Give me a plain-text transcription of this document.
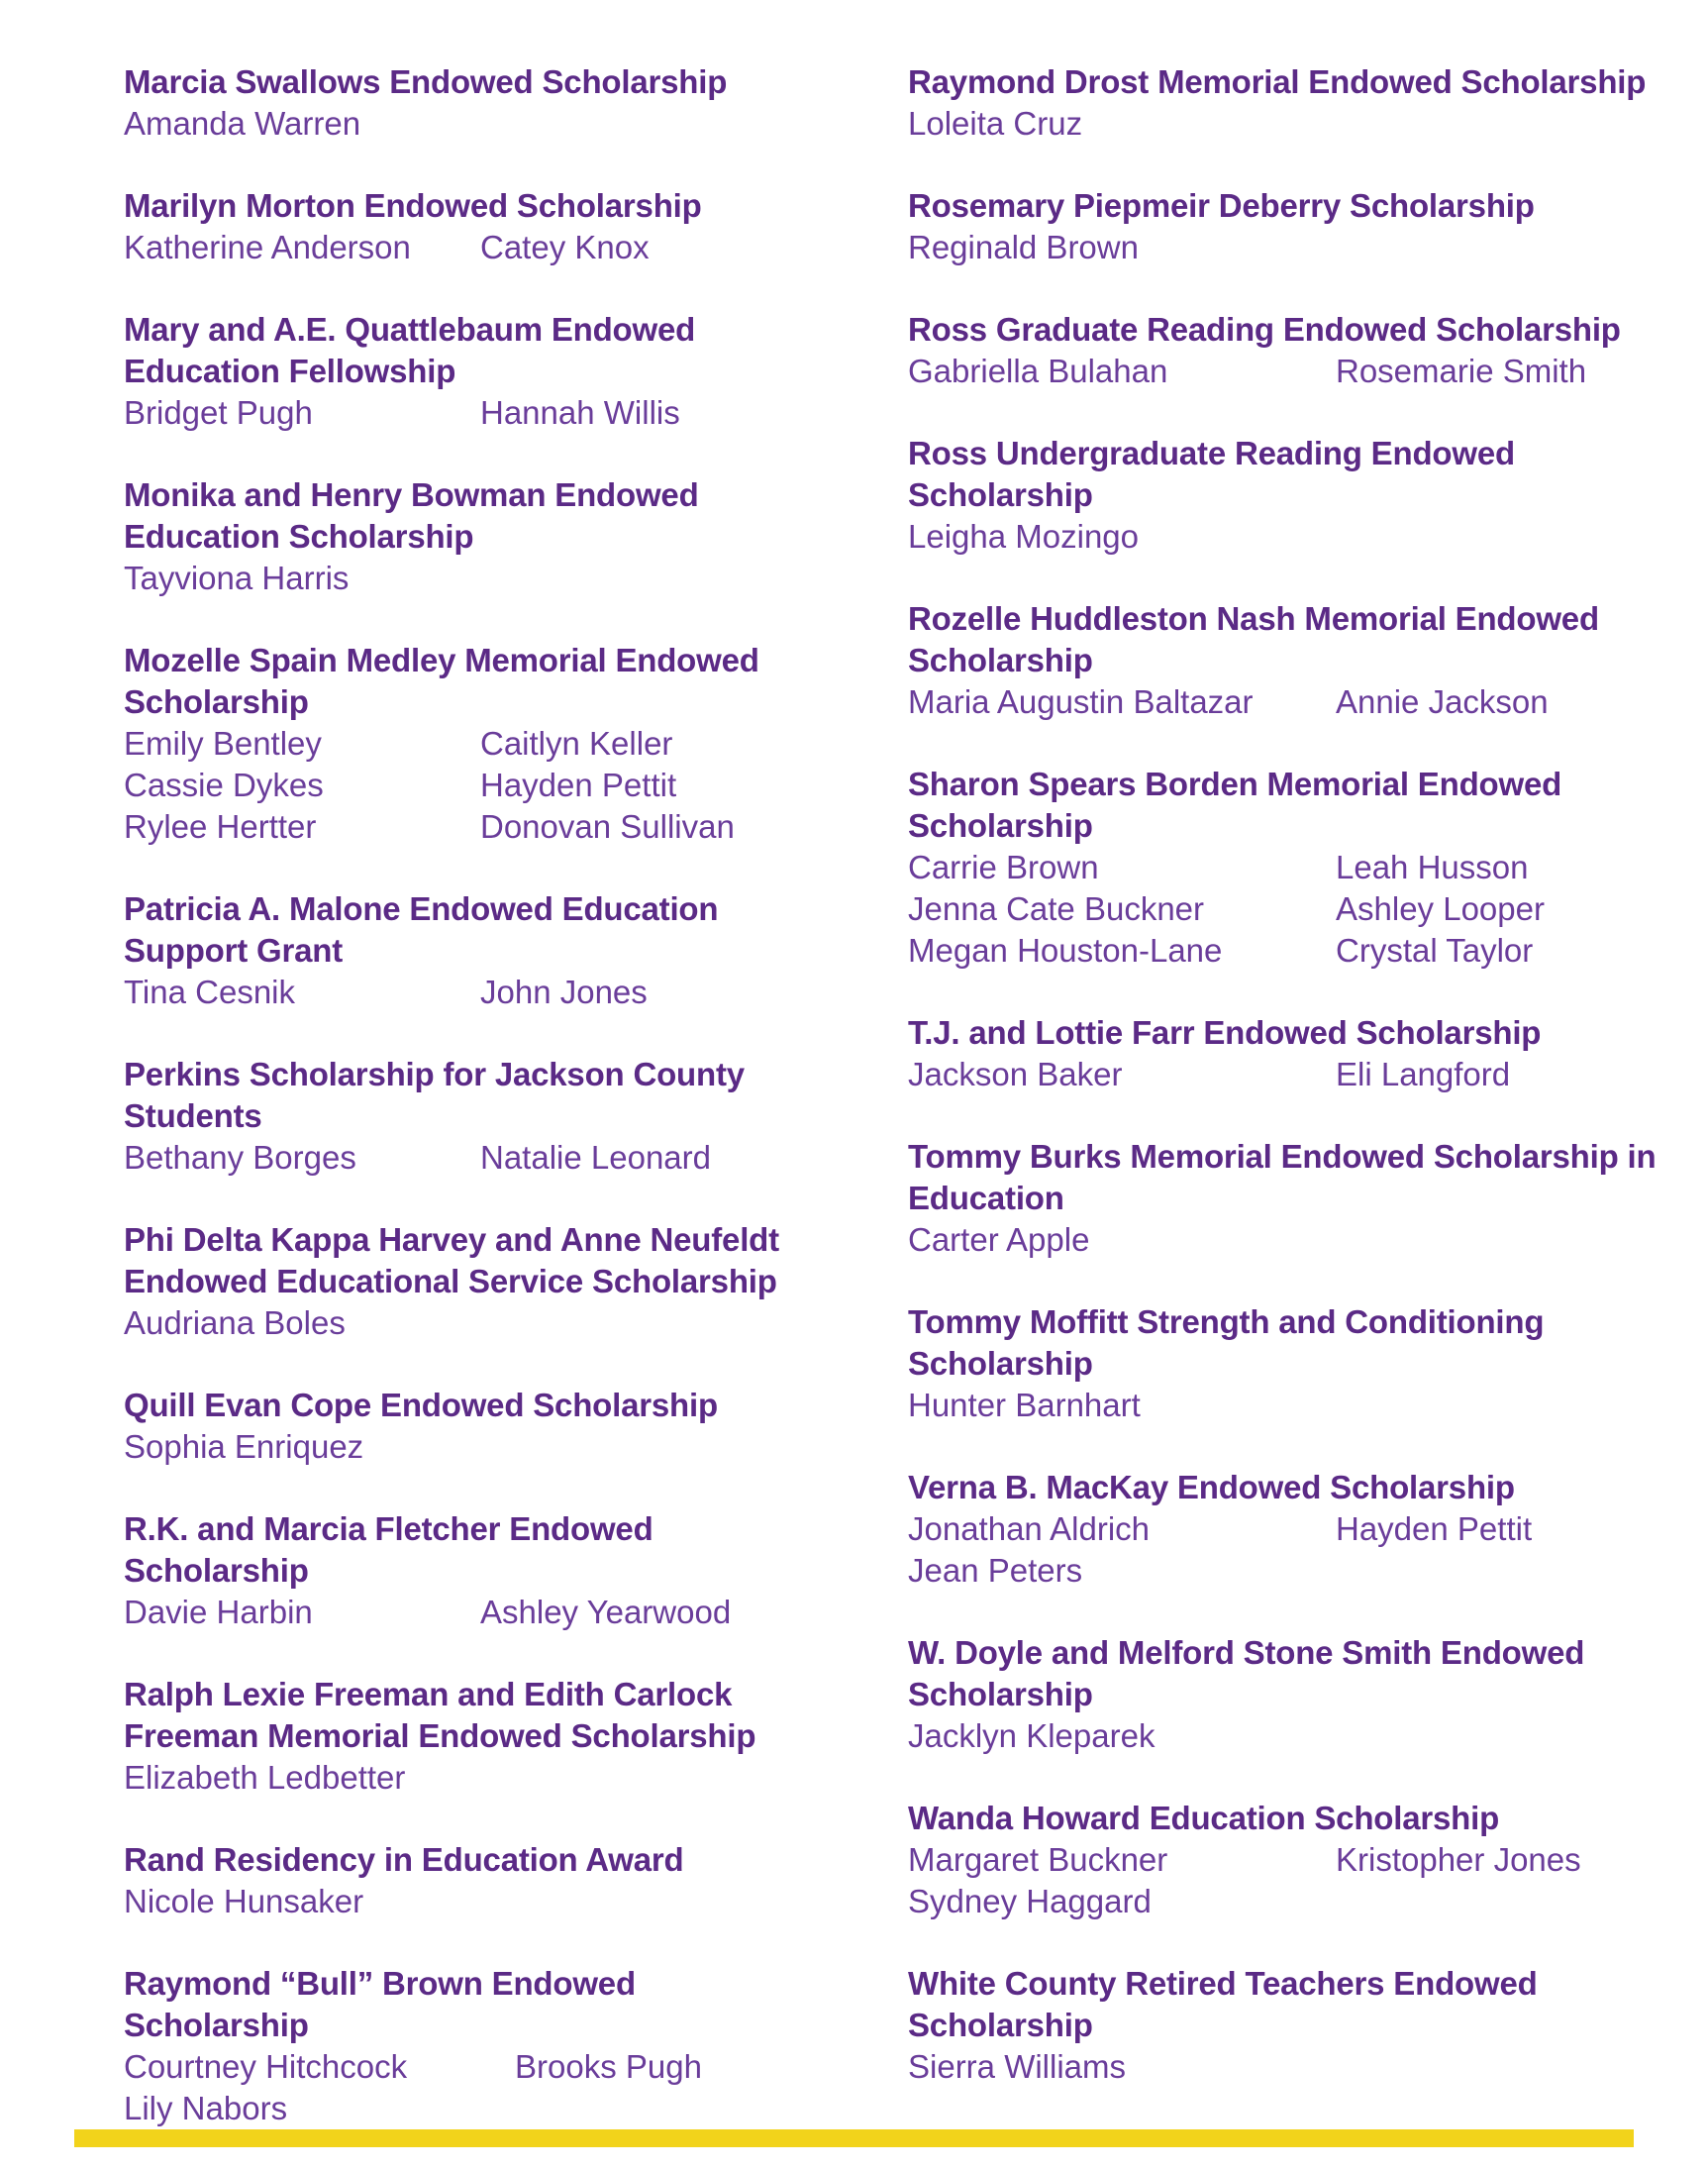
Marcia Swallows Endowed Scholarship
Amanda Warren
Marilyn Morton Endowed Scholarship
Katherine Anderson	Catey Knox
Mary and A.E. Quattlebaum Endowed Education Fellowship
Bridget Pugh	Hannah Willis
Monika and Henry Bowman Endowed Education Scholarship
Tayviona Harris
Mozelle Spain Medley Memorial Endowed Scholarship
Emily Bentley	Caitlyn Keller
Cassie Dykes	Hayden Pettit
Rylee Hertter	Donovan Sullivan
Patricia A. Malone Endowed Education Support Grant
Tina Cesnik	John Jones
Perkins Scholarship for Jackson County Students
Bethany Borges	Natalie Leonard
Phi Delta Kappa Harvey and Anne Neufeldt Endowed Educational Service Scholarship
Audriana Boles
Quill Evan Cope Endowed Scholarship
Sophia Enriquez
R.K. and Marcia Fletcher Endowed Scholarship
Davie Harbin	Ashley Yearwood
Ralph Lexie Freeman and Edith Carlock Freeman Memorial Endowed Scholarship
Elizabeth Ledbetter
Rand Residency in Education Award
Nicole Hunsaker
Raymond “Bull” Brown Endowed Scholarship
Courtney Hitchcock	Brooks Pugh
Lily Nabors
Raymond Drost Memorial Endowed Scholarship
Loleita Cruz
Rosemary Piepmeir Deberry Scholarship
Reginald Brown
Ross Graduate Reading Endowed Scholarship
Gabriella Bulahan	Rosemarie Smith
Ross Undergraduate Reading Endowed Scholarship
Leigha Mozingo
Rozelle Huddleston Nash Memorial Endowed Scholarship
Maria Augustin Baltazar	Annie Jackson
Sharon Spears Borden Memorial Endowed Scholarship
Carrie Brown	Leah Husson
Jenna Cate Buckner	Ashley Looper
Megan Houston-Lane	Crystal Taylor
T.J. and Lottie Farr Endowed Scholarship
Jackson Baker	Eli Langford
Tommy Burks Memorial Endowed Scholarship in Education
Carter Apple
Tommy Moffitt Strength and Conditioning Scholarship
Hunter Barnhart
Verna B. MacKay Endowed Scholarship
Jonathan Aldrich	Hayden Pettit
Jean Peters
W. Doyle and Melford Stone Smith Endowed Scholarship
Jacklyn Kleparek
Wanda Howard Education Scholarship
Margaret Buckner	Kristopher Jones
Sydney Haggard
White County Retired Teachers Endowed Scholarship
Sierra Williams
